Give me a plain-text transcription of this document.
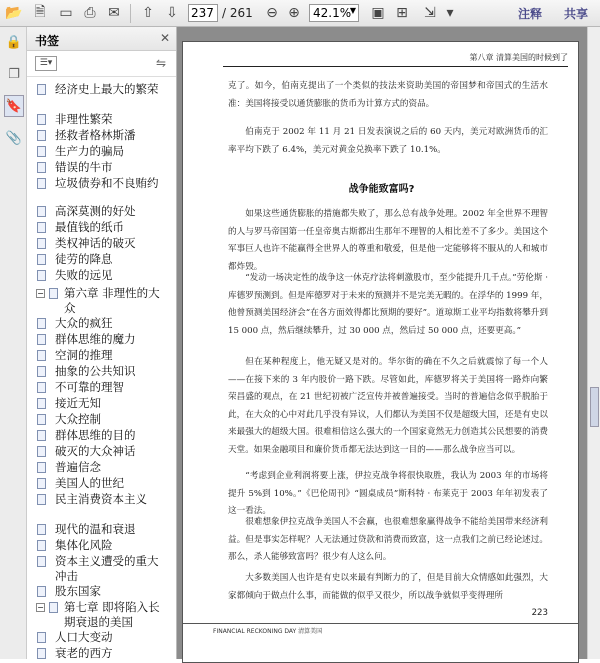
📂 🗎 ▭ ⎙ ✉ ⇧ ⇩
237	/ 261 ⊖ ⊕	42.1%
▼ ▣ ⊞ ⇲ ▾	注释 共享
🔒
❐
🔖
📎
书签	✕
☰▾	⇋
经济史上最大的繁荣
非理性繁荣
拯救者格林斯潘
生产力的骗局
错误的牛市
垃圾债券和不良贿约
高深莫测的好处
最值钱的纸币
类权神话的破灭
徒劳的降息
失败的远见
− 第六章 非理性的大众
大众的疯狂
群体思维的魔力
空洞的推理
抽象的公共知识
不可靠的理智
接近无知
大众控制
群体思维的目的
破灭的大众神话
普遍信念
美国人的世纪
民主消费资本主义
现代的温和衰退
集体化风险
资本主义遭受的重大冲击
股东国家
− 第七章 即将陷入长期衰退的美国
人口大变动
衰老的西方
第八章 清算美国的时候到了
克了。如今，伯南克提出了一个类似的技法来资助美国的帝国梦和帝国式的生活水准：美国将接受以通货膨胀的货币为计算方式的资品。
伯南克于 2002 年 11 月 21 日发表演说之后的 60 天内，美元对欧洲货币的汇率平均下跌了 6.4%，美元对黄金兑换率下跌了 10.1%。
战争能致富吗?
如果这些通货膨胀的措施都失败了，那么总有战争处理。2002 年全世界不理智的人与罗马帝国第一任皇帝奥古斯都出生那年不理智的人相比差不了多少。美国这个军事巨人也许不能赢得全世界人的尊重和敬爱，但是他一定能够将不服从的人和城市都炸毁。
“发动一场决定性的战争这一休克疗法将刺激股市，至少能提升几千点。”劳伦斯 · 库德罗预测到。但是库德罗对于未来的预测并不是完美无暇的。在浮华的 1999 年，他曾预测美国经济会“在各方面效得都比预期的要好”。道琼斯工业平均指数将攀升到 15 000 点，然后继续攀升，过 30 000 点，然后过 50 000 点，还要更高。”
但在某种程度上，他无疑又是对的。华尔街的确在不久之后就震惊了每一个人——在接下来的 3 年内股价一路下跌。尽管如此，库德罗将关于美国将一路炸向繁荣昌盛的观点，在 21 世纪初被广泛宣传并被普遍接受。当时的普遍信念似乎脱胎于此，在大众的心中对此几乎没有异议，人们都认为美国不仅是超级大国，还是有史以来最强大的超级大国。很难相信这么强大的一个国家竟然无力创造其公民想要的消费天堂。如果金融项目和廉价货币都无法达到这一目的——那么战争应当可以。
“考虑到企业利润将要上涨，伊拉克战争将很快取胜，我认为 2003 年的市场将提升 5%到 10%。”《巴伦周刊》“圆桌成员”斯科特 · 布莱克于 2003 年年初发表了这一看法。
很难想象伊拉克战争美国人不会赢，也很难想象赢得战争不能给美国带来经济利益。但是事实怎样呢？人无法通过贷款和消费而致富，这一点我们之前已经论述过。那么，杀人能够致富吗？很少有人这么问。
大多数美国人也许是有史以来最有判断力的了，但是目前大众情感如此强烈，大家都倾向于做点什么事，而能做的似乎又很少，所以战争就似乎变得理所
223
FINANCIAL RECKONING DAY 清算美国
